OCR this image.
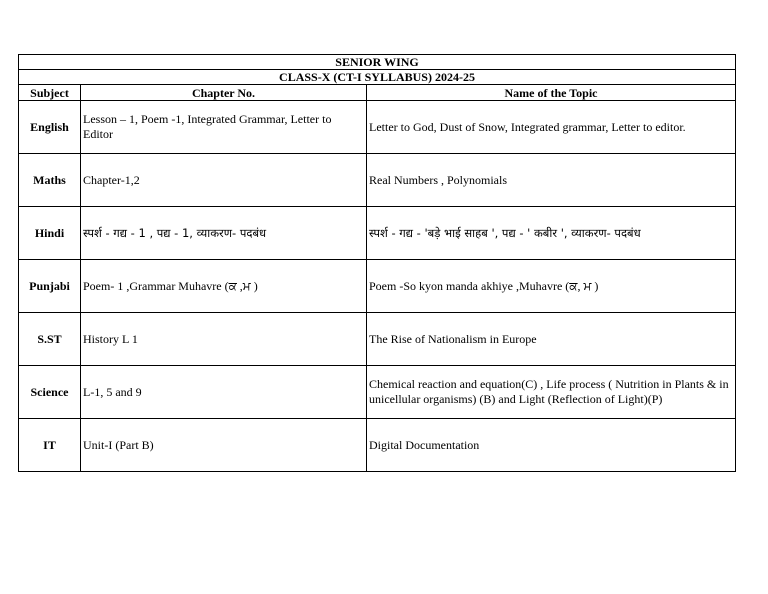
SENIOR WING		
CLASS-X (CT-I SYLLABUS) 2024-25		
Subject	Chapter No.	Name of the Topic
English	Lesson – 1, Poem -1, Integrated Grammar, Letter to Editor	Letter to God, Dust of Snow, Integrated grammar, Letter to editor.
Maths	Chapter-1,2	Real Numbers , Polynomials
Hindi	स्पर्श - गद्य - 1 , पद्य - 1, व्याकरण- पदबंध	स्पर्श - गद्य - 'बड़े भाई साहब ', पद्य - ' कबीर ', व्याकरण- पदबंध
Punjabi	Poem- 1 ,Grammar Muhavre (ਕ ,ਮ )	Poem -So kyon manda akhiye ,Muhavre (ਕ, ਮ )
S.ST	History L 1	The Rise of Nationalism in Europe
Science	L-1, 5 and 9	Chemical reaction and equation(C) , Life process ( Nutrition in Plants & in unicellular organisms) (B) and Light (Reflection of Light)(P)
IT	Unit-I (Part B)	Digital Documentation
